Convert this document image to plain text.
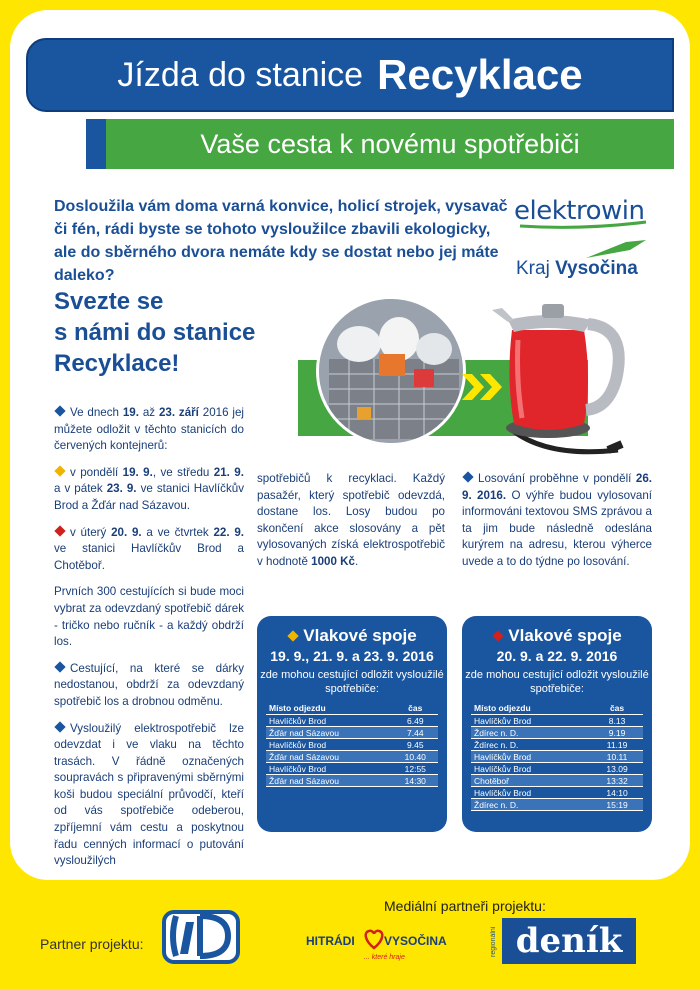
Jízda do stanice Recyklace
Vaše cesta k novému spotřebiči
Dosloužila vám doma varná konvice, holicí strojek, vysavač či fén, rádi byste se tohoto vysloužilce zbavili ekologicky, ale do sběrného dvora nemáte kdy se dostat nebo jej máte daleko?
elektrowin
Kraj Vysočina
Svezte se
s námi do stanice
Recyklace!

Ve dnech 19. až 23. září 2016 jej můžete odložit v těchto stanicích do červených kontejnerů:

v pondělí 19. 9., ve středu 21. 9. a v pátek 23. 9. ve stanici Havlíčkův Brod a Žďár nad Sázavou.

v úterý 20. 9. a ve čtvrtek 22. 9. ve stanici Havlíčkův Brod a Chotěboř.

Prvních 300 cestujících si bude moci vybrat za odevzdaný spotřebič dárek - tričko nebo ručník - a každý obdrží los.

Cestující, na které se dárky nedostanou, obdrží za odevzdaný spotřebič los a drobnou odměnu.

Vysloužilý elektrospotřebič lze odevzdat i ve vlaku na těchto trasách. V řádně označených soupravách s připravenými sběrnými koši budou speciální průvodčí, kteří od vás spotřebiče odeberou, zpříjemní vám cestu a poskytnou řadu cenných informací o putování vysloužilých

spotřebičů k recyklaci. Každý pasažér, který spotřebič odevzdá, dostane los. Losy budou po skončení akce slosovány a pět vylosovaných získá elektrospotřebič v hodnotě 1000 Kč.

Losování proběhne v pondělí 26. 9. 2016. O výhře budou vylosovaní informováni textovou SMS zprávou a ta jim bude následně odeslána kurýrem na adresu, kterou výherce uvede a to do týdne po losování.

Vlakové spoje
19. 9., 21. 9. a 23. 9. 2016
zde mohou cestující odložit vysloužilé spotřebiče:
Místo odjezdu	čas
Havlíčkův Brod	6.49
Žďár nad Sázavou	7.44
Havlíčkův Brod	9.45
Žďár nad Sázavou	10.40
Havlíčkův Brod	12:55
Žďár nad Sázavou	14:30
Vlakové spoje
20. 9. a 22. 9. 2016
zde mohou cestující odložit vysloužilé spotřebiče:
Místo odjezdu	čas
Havlíčkův Brod	8.13
Ždírec n. D.	9.19
Ždírec n. D.	11.19
Havlíčkův Brod	10.11
Havlíčkův Brod	13.09
Chotěboř	13:32
Havlíčkův Brod	14:10
Ždírec n. D.	15:19
Partner projektu:
Mediální partneři projektu:
HITRÁDI VYSOČINA
... které hraje
regionální deník
